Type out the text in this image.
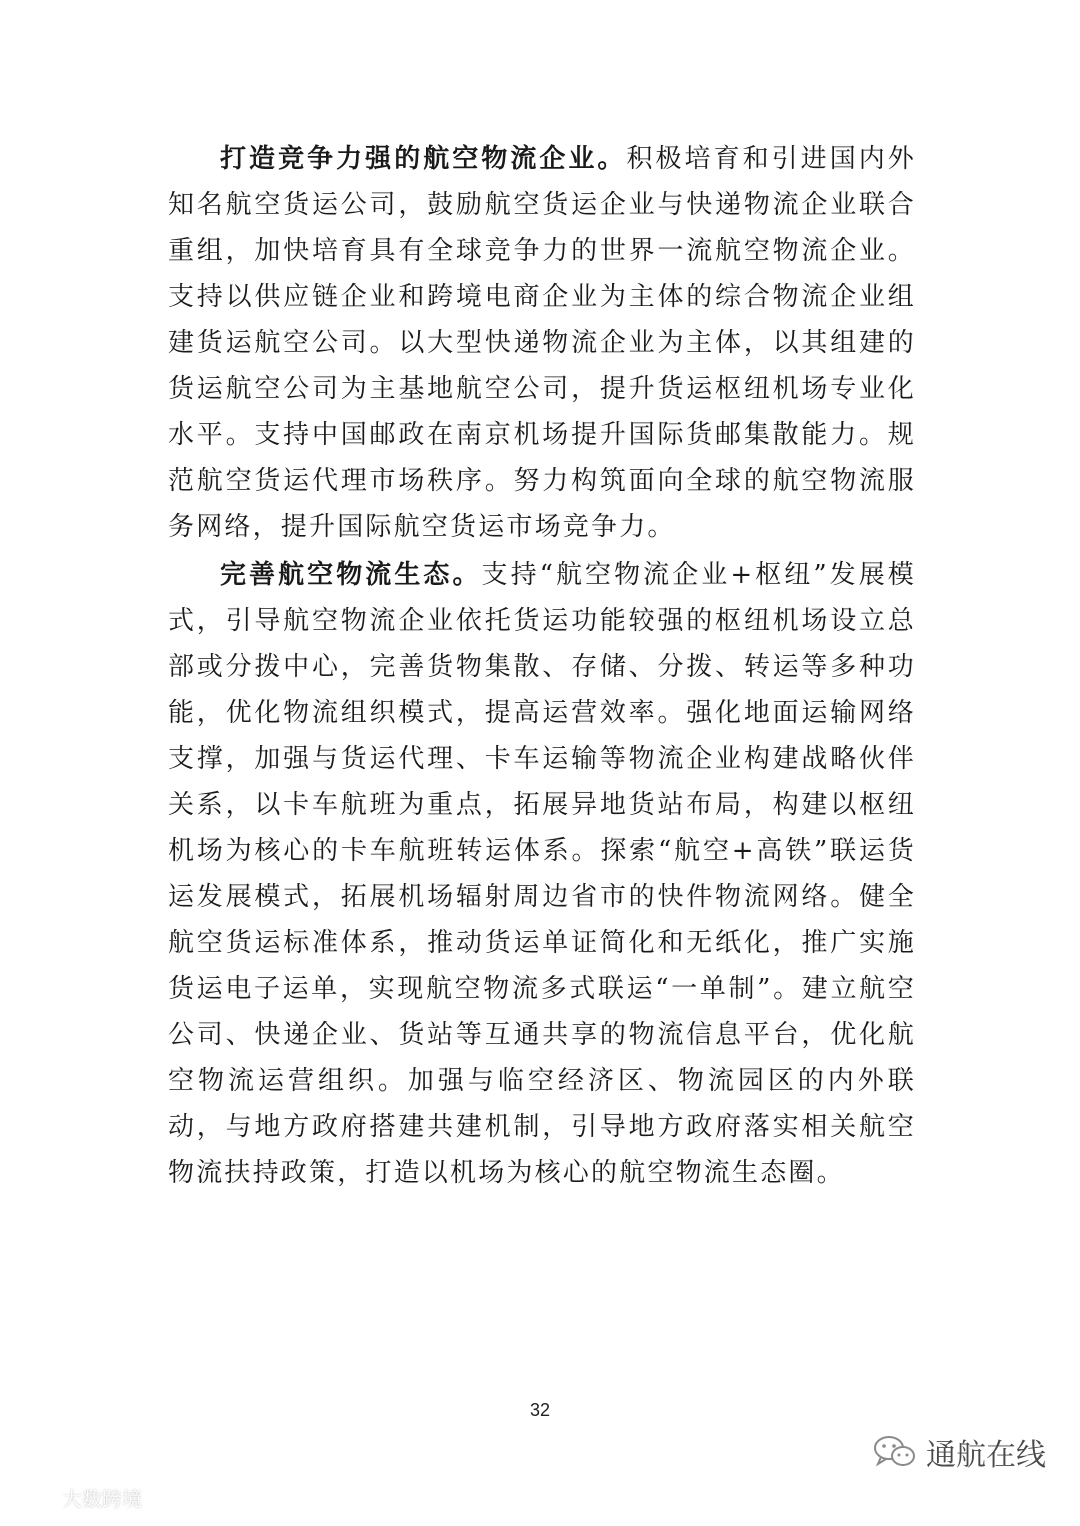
打造竞争力强的航空物流企业。积极培育和引进国内外知名航空货运公司，鼓励航空货运企业与快递物流企业联合重组，加快培育具有全球竞争力的世界一流航空物流企业。支持以供应链企业和跨境电商企业为主体的综合物流企业组建货运航空公司。以大型快递物流企业为主体，以其组建的货运航空公司为主基地航空公司，提升货运枢纽机场专业化水平。支持中国邮政在南京机场提升国际货邮集散能力。规范航空货运代理市场秩序。努力构筑面向全球的航空物流服务网络，提升国际航空货运市场竞争力。

完善航空物流生态。支持“航空物流企业+枢纽”发展模式，引导航空物流企业依托货运功能较强的枢纽机场设立总部或分拨中心，完善货物集散、存储、分拨、转运等多种功能，优化物流组织模式，提高运营效率。强化地面运输网络支撑，加强与货运代理、卡车运输等物流企业构建战略伙伴关系，以卡车航班为重点，拓展异地货站布局，构建以枢纽机场为核心的卡车航班转运体系。探索“航空+高铁”联运货运发展模式，拓展机场辐射周边省市的快件物流网络。健全航空货运标准体系，推动货运单证简化和无纸化，推广实施货运电子运单，实现航空物流多式联运“一单制”。建立航空公司、快递企业、货站等互通共享的物流信息平台，优化航空物流运营组织。加强与临空经济区、物流园区的内外联动，与地方政府搭建共建机制，引导地方政府落实相关航空物流扶持政策，打造以机场为核心的航空物流生态圈。

32
大数跨境
通航在线
